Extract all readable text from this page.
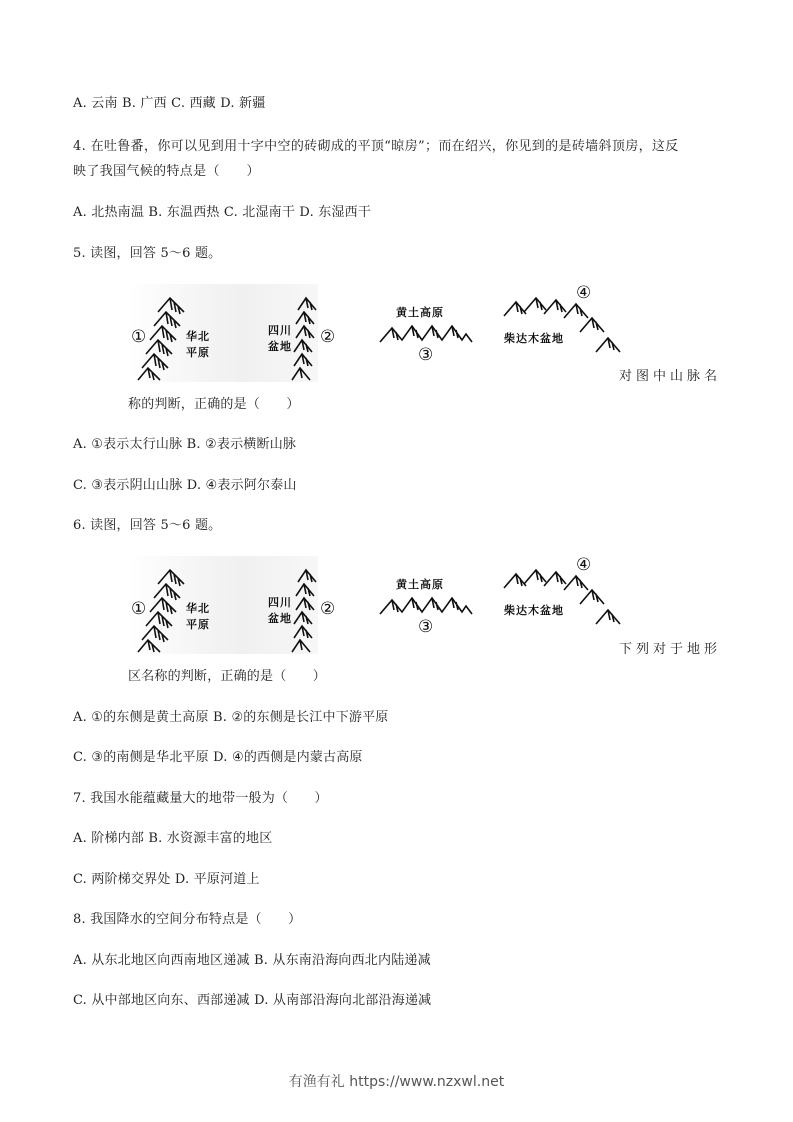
A. 云南 B. 广西 C. 西藏 D. 新疆
4. 在吐鲁番，你可以见到用十字中空的砖砌成的平顶“晾房”；而在绍兴，你见到的是砖墙斜顶房，这反
映了我国气候的特点是（　　）
A. 北热南温 B. 东温西热 C. 北湿南干 D. 东湿西干
5. 读图，回答 5～6 题。
①	华北
平原
四川
盆地 ②
黄土高原
③
④
柴达木盆地
对图中山脉名
称的判断，正确的是（　　）
A. ①表示太行山脉 B. ②表示横断山脉
C. ③表示阴山山脉 D. ④表示阿尔泰山
6. 读图，回答 5～6 题。
①	华北
平原
四川
盆地 ②
黄土高原
③
④
柴达木盆地
下列对于地形
区名称的判断，正确的是（　　）
A. ①的东侧是黄土高原 B. ②的东侧是长江中下游平原
C. ③的南侧是华北平原 D. ④的西侧是内蒙古高原
7. 我国水能蕴藏量大的地带一般为（　　）
A. 阶梯内部 B. 水资源丰富的地区
C. 两阶梯交界处 D. 平原河道上
8. 我国降水的空间分布特点是（　　）
A. 从东北地区向西南地区递减 B. 从东南沿海向西北内陆递减
C. 从中部地区向东、西部递减 D. 从南部沿海向北部沿海递减
有渔有礼 https://www.nzxwl.net
